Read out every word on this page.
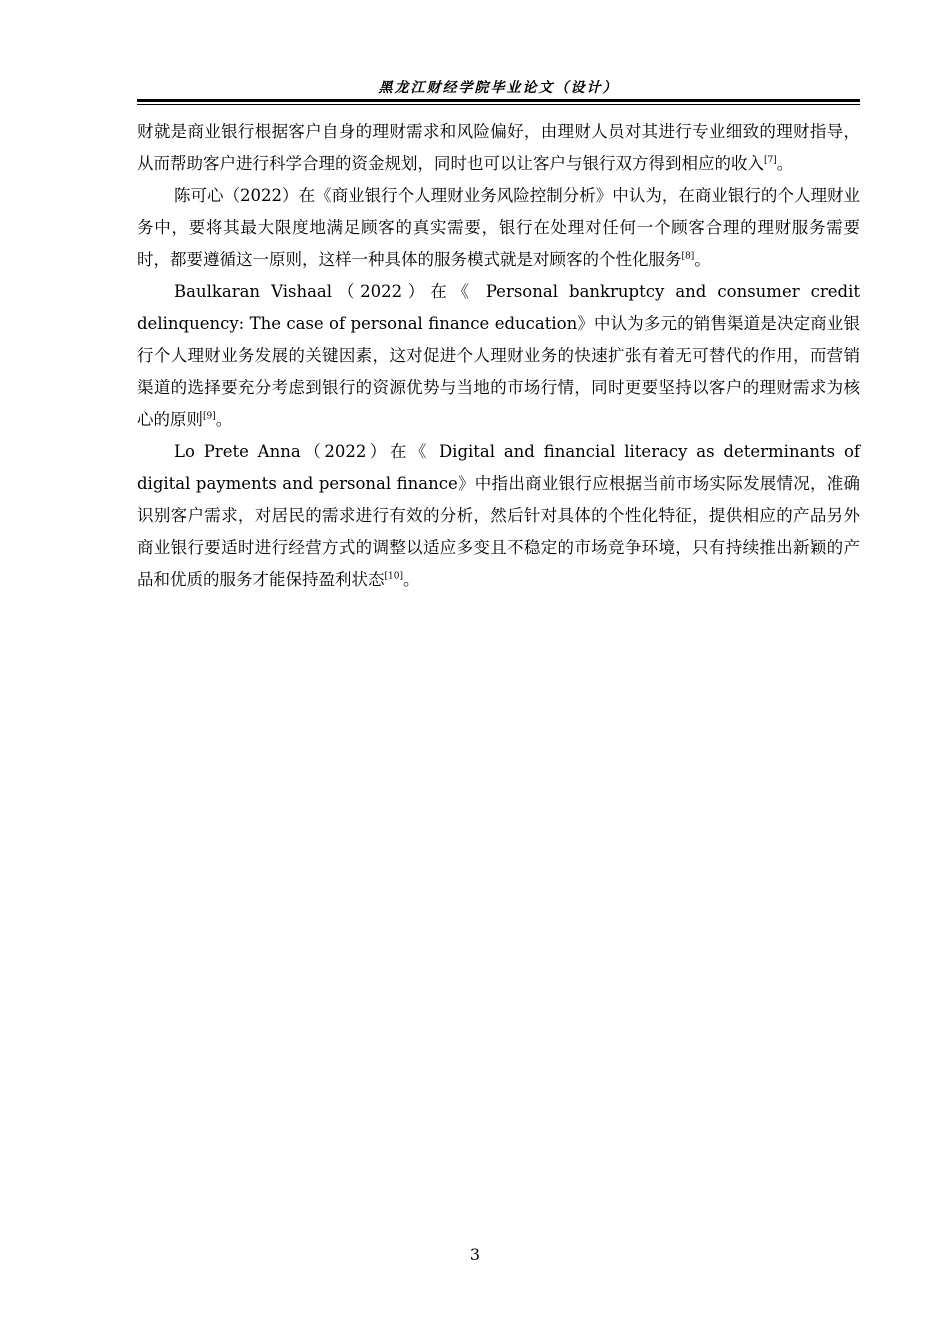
黑龙江财经学院毕业论文（设计）

财就是商业银行根据客户自身的理财需求和风险偏好，由理财人员对其进行专业细致的理财指导，从而帮助客户进行科学合理的资金规划，同时也可以让客户与银行双方得到相应的收入[7]。

陈可心（2022）在《商业银行个人理财业务风险控制分析》中认为，在商业银行的个人理财业务中，要将其最大限度地满足顾客的真实需要，银行在处理对任何一个顾客合理的理财服务需要时，都要遵循这一原则，这样一种具体的服务模式就是对顾客的个性化服务[8]。

Baulkaran Vishaal（2022）在《 Personal bankruptcy and consumer credit delinquency: The case of personal finance education》中认为多元的销售渠道是决定商业银行个人理财业务发展的关键因素，这对促进个人理财业务的快速扩张有着无可替代的作用，而营销渠道的选择要充分考虑到银行的资源优势与当地的市场行情，同时更要坚持以客户的理财需求为核心的原则[9]。

Lo Prete Anna（2022）在《 Digital and financial literacy as determinants of digital payments and personal finance》中指出商业银行应根据当前市场实际发展情况，准确识别客户需求，对居民的需求进行有效的分析，然后针对具体的个性化特征，提供相应的产品另外商业银行要适时进行经营方式的调整以适应多变且不稳定的市场竞争环境，只有持续推出新颖的产品和优质的服务才能保持盈利状态[10]。

3
